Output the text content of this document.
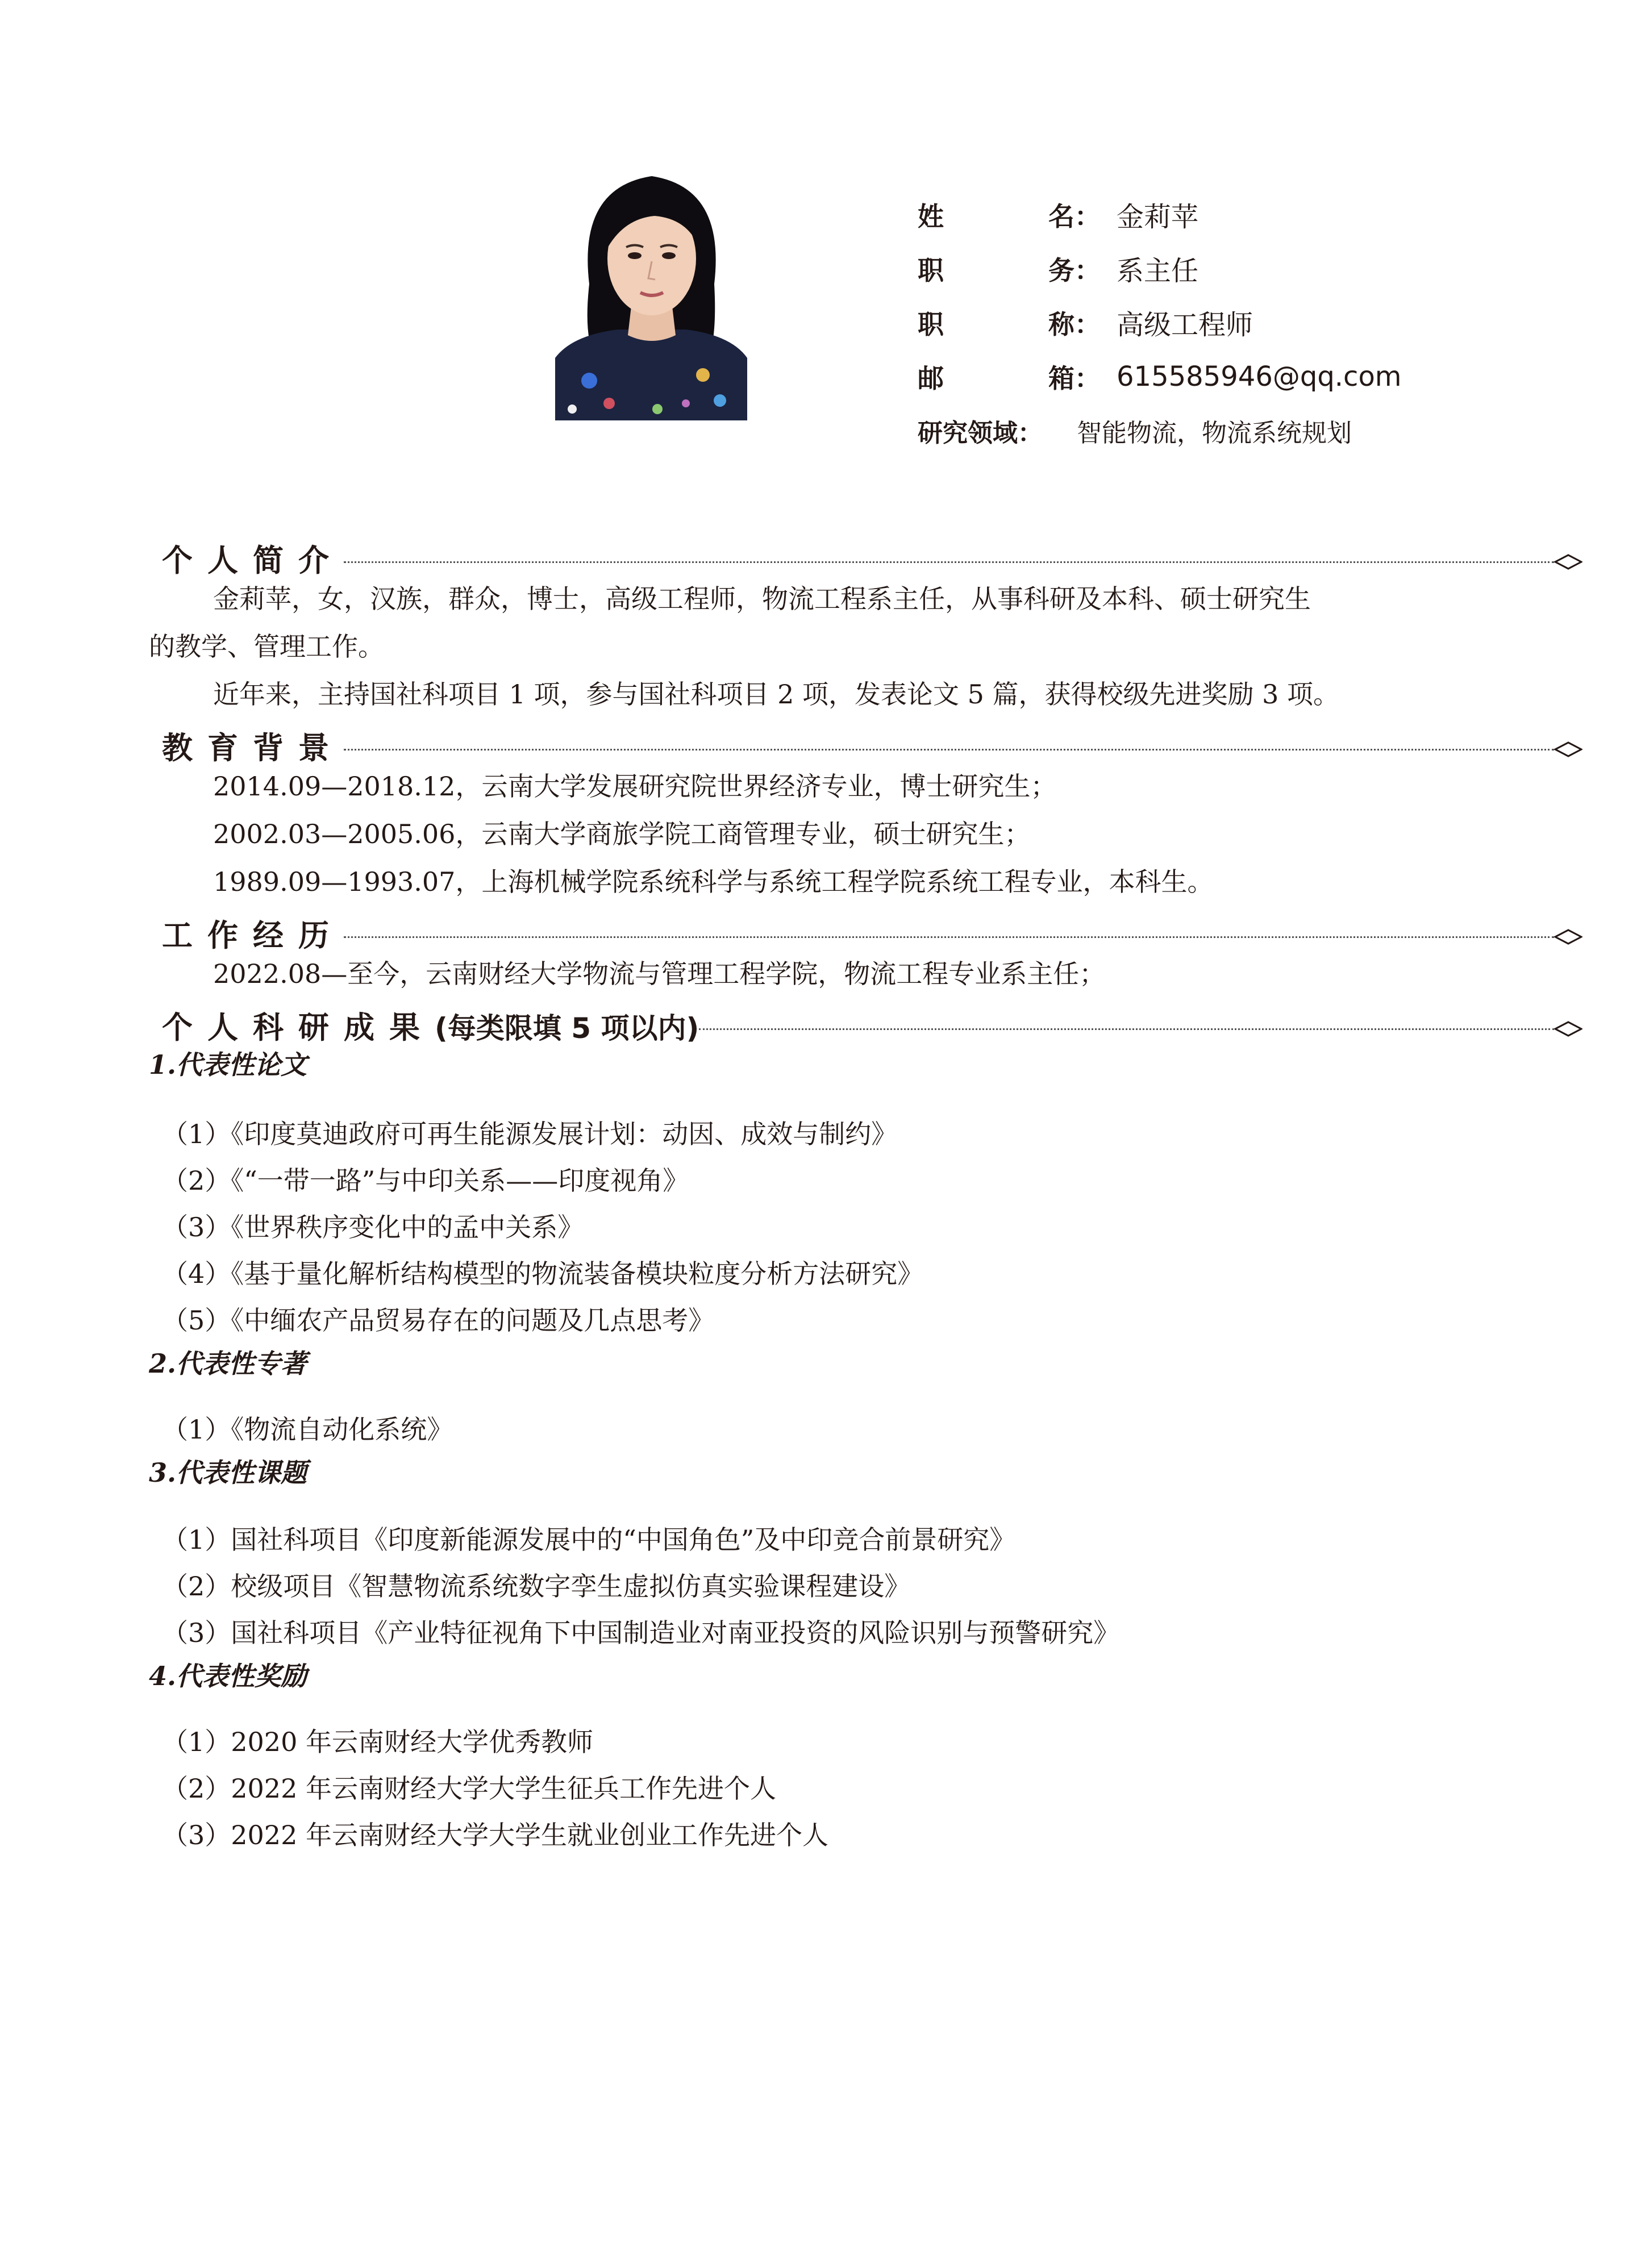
姓	名： 金莉苹
职	务： 系主任
职	称： 高级工程师
邮	箱： 615585946@qq.com
研究领域：	智能物流，物流系统规划
个人简介
金莉苹，女，汉族，群众，博士，高级工程师，物流工程系主任，从事科研及本科、硕士研究生
的教学、管理工作。
近年来，主持国社科项目 1 项，参与国社科项目 2 项，发表论文 5 篇，获得校级先进奖励 3 项。
教育背景
2014.09—2018.12，云南大学发展研究院世界经济专业，博士研究生；
2002.03—2005.06，云南大学商旅学院工商管理专业，硕士研究生；
1989.09—1993.07，上海机械学院系统科学与系统工程学院系统工程专业，本科生。
工作经历
2022.08—至今，云南财经大学物流与管理工程学院，物流工程专业系主任；
个人科研成果(每类限填 5 项以内)
1.代表性论文
（1）《印度莫迪政府可再生能源发展计划：动因、成效与制约》
（2）《“一带一路”与中印关系——印度视角》
（3）《世界秩序变化中的孟中关系》
（4）《基于量化解析结构模型的物流装备模块粒度分析方法研究》
（5）《中缅农产品贸易存在的问题及几点思考》
2.代表性专著
（1）《物流自动化系统》
3.代表性课题
（1）国社科项目《印度新能源发展中的“中国角色”及中印竞合前景研究》
（2）校级项目《智慧物流系统数字孪生虚拟仿真实验课程建设》
（3）国社科项目《产业特征视角下中国制造业对南亚投资的风险识别与预警研究》
4.代表性奖励
（1）2020 年云南财经大学优秀教师
（2）2022 年云南财经大学大学生征兵工作先进个人
（3）2022 年云南财经大学大学生就业创业工作先进个人
